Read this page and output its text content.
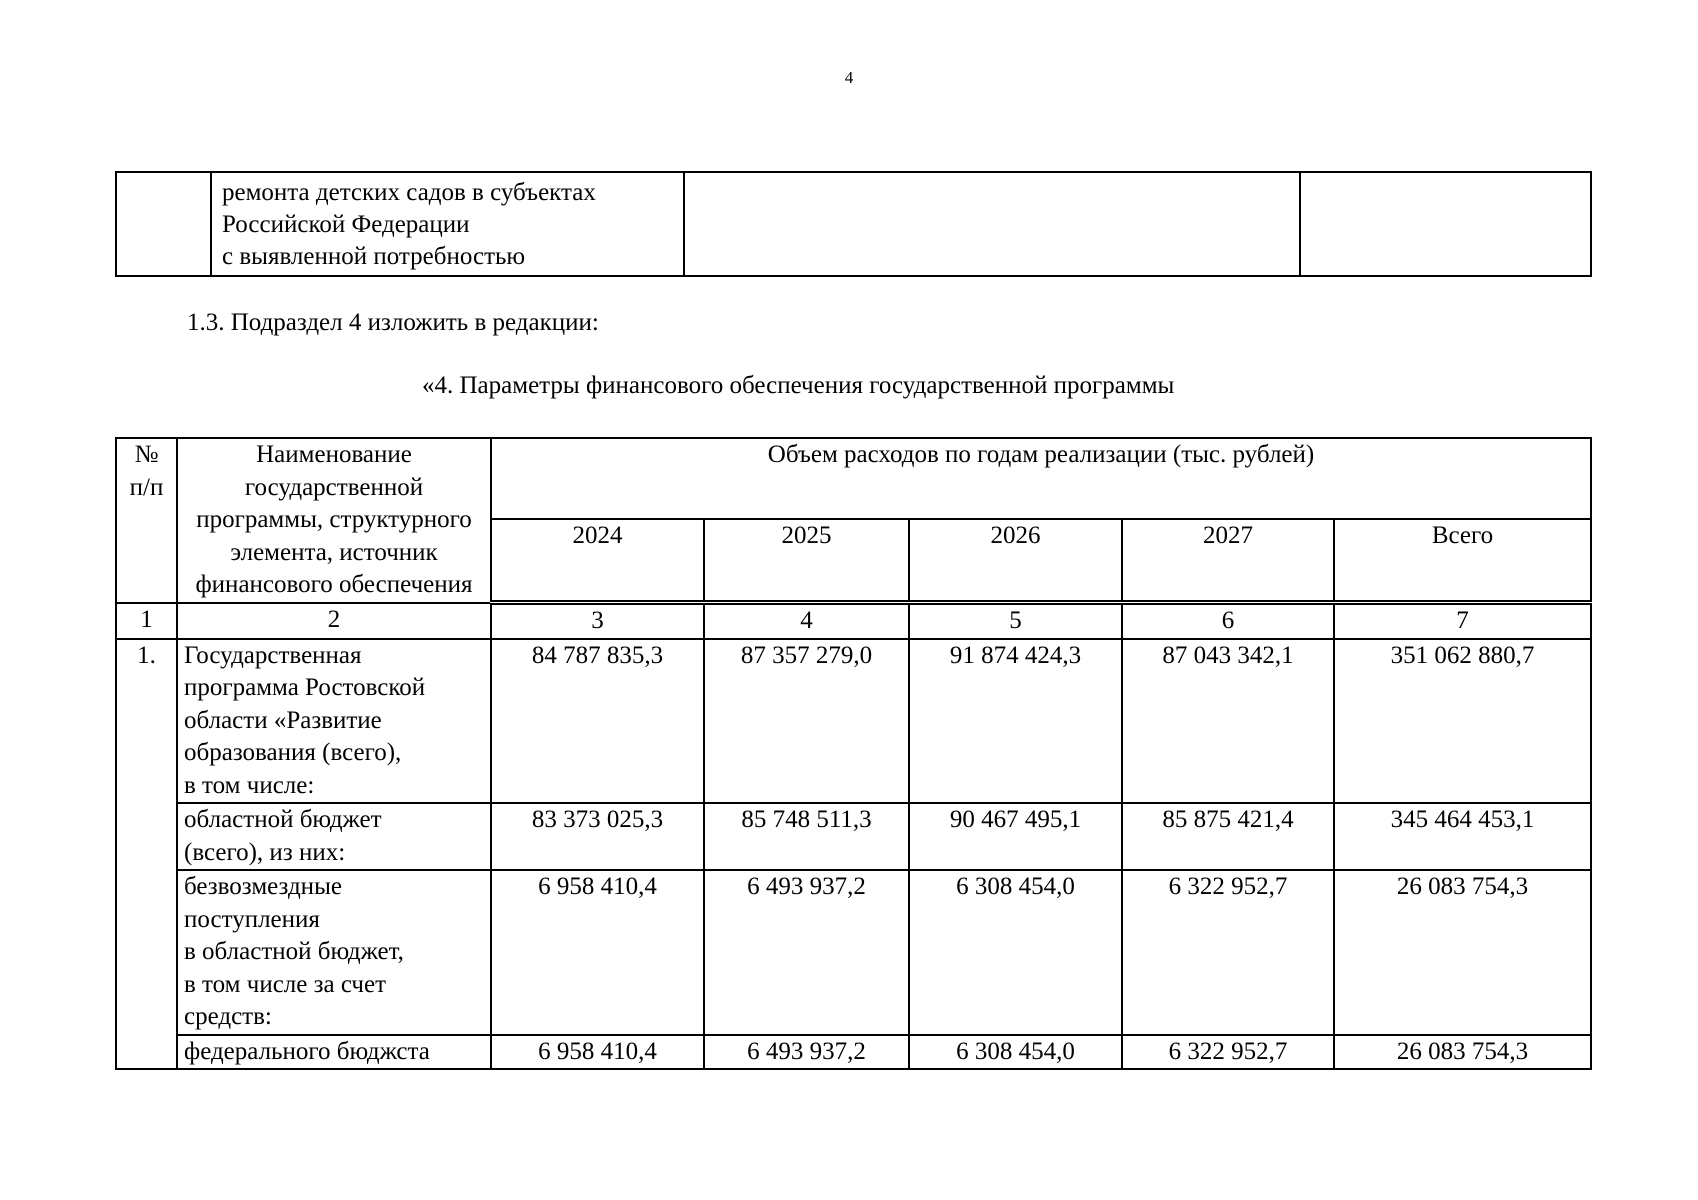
4
	ремонта детских садов в субъектах
Российской Федерации
с выявленной потребностью		
1.3. Подраздел 4 изложить в редакции:
«4. Параметры финансового обеспечения государственной программы
№
п/п	Наименование государственной программы, структурного элемента, источник финансового обеспечения	Объем расходов по годам реализации (тыс. рублей)				
		2024	2025	2026	2027	Всего
1	2	3	4	5	6	7
1.	Государственная
программа Ростовской
области «Развитие
образования (всего),
в том числе:	84 787 835,3	87 357 279,0	91 874 424,3	87 043 342,1	351 062 880,7
	областной бюджет
(всего), из них:	83 373 025,3	85 748 511,3	90 467 495,1	85 875 421,4	345 464 453,1
	безвозмездные
поступления
в областной бюджет,
в том числе за счет
средств:	6 958 410,4	6 493 937,2	6 308 454,0	6 322 952,7	26 083 754,3
	федерального бюджста	6 958 410,4	6 493 937,2	6 308 454,0	6 322 952,7	26 083 754,3
